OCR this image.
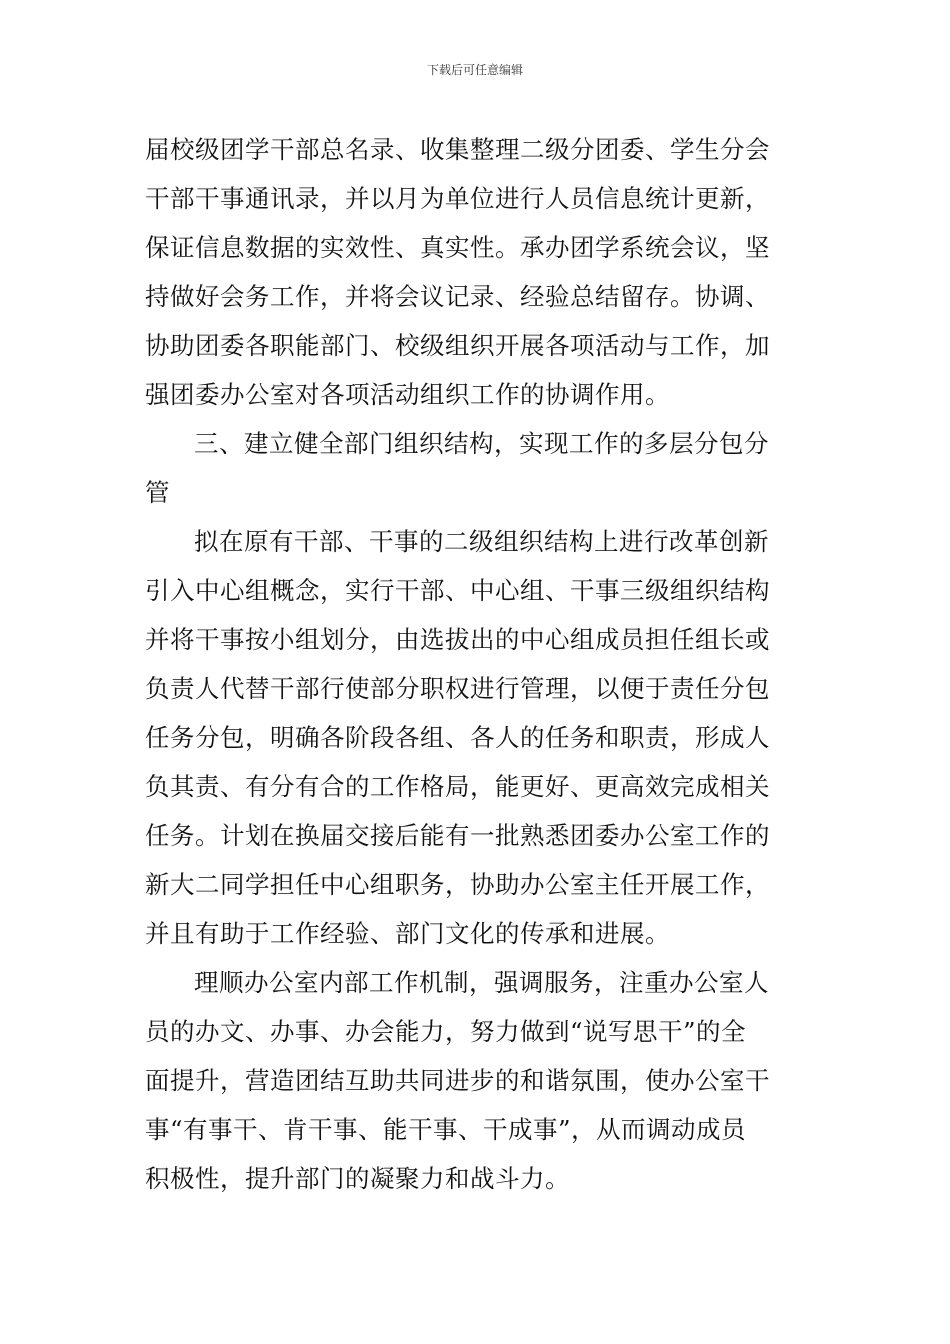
下载后可任意编辑
届校级团学干部总名录、收集整理二级分团委、学生分会
干部干事通讯录，并以月为单位进行人员信息统计更新，
保证信息数据的实效性、真实性。承办团学系统会议，坚
持做好会务工作，并将会议记录、经验总结留存。协调、
协助团委各职能部门、校级组织开展各项活动与工作，加
强团委办公室对各项活动组织工作的协调作用。
三、建立健全部门组织结构，实现工作的多层分包分
管
拟在原有干部、干事的二级组织结构上进行改革创新
引入中心组概念，实行干部、中心组、干事三级组织结构
并将干事按小组划分，由选拔出的中心组成员担任组长或
负责人代替干部行使部分职权进行管理，以便于责任分包
任务分包，明确各阶段各组、各人的任务和职责，形成人
负其责、有分有合的工作格局，能更好、更高效完成相关
任务。计划在换届交接后能有一批熟悉团委办公室工作的
新大二同学担任中心组职务，协助办公室主任开展工作，
并且有助于工作经验、部门文化的传承和进展。
理顺办公室内部工作机制，强调服务，注重办公室人
员的办文、办事、办会能力，努力做到“说写思干”的全
面提升，营造团结互助共同进步的和谐氛围，使办公室干
事“有事干、肯干事、能干事、干成事”，从而调动成员
积极性，提升部门的凝聚力和战斗力。
